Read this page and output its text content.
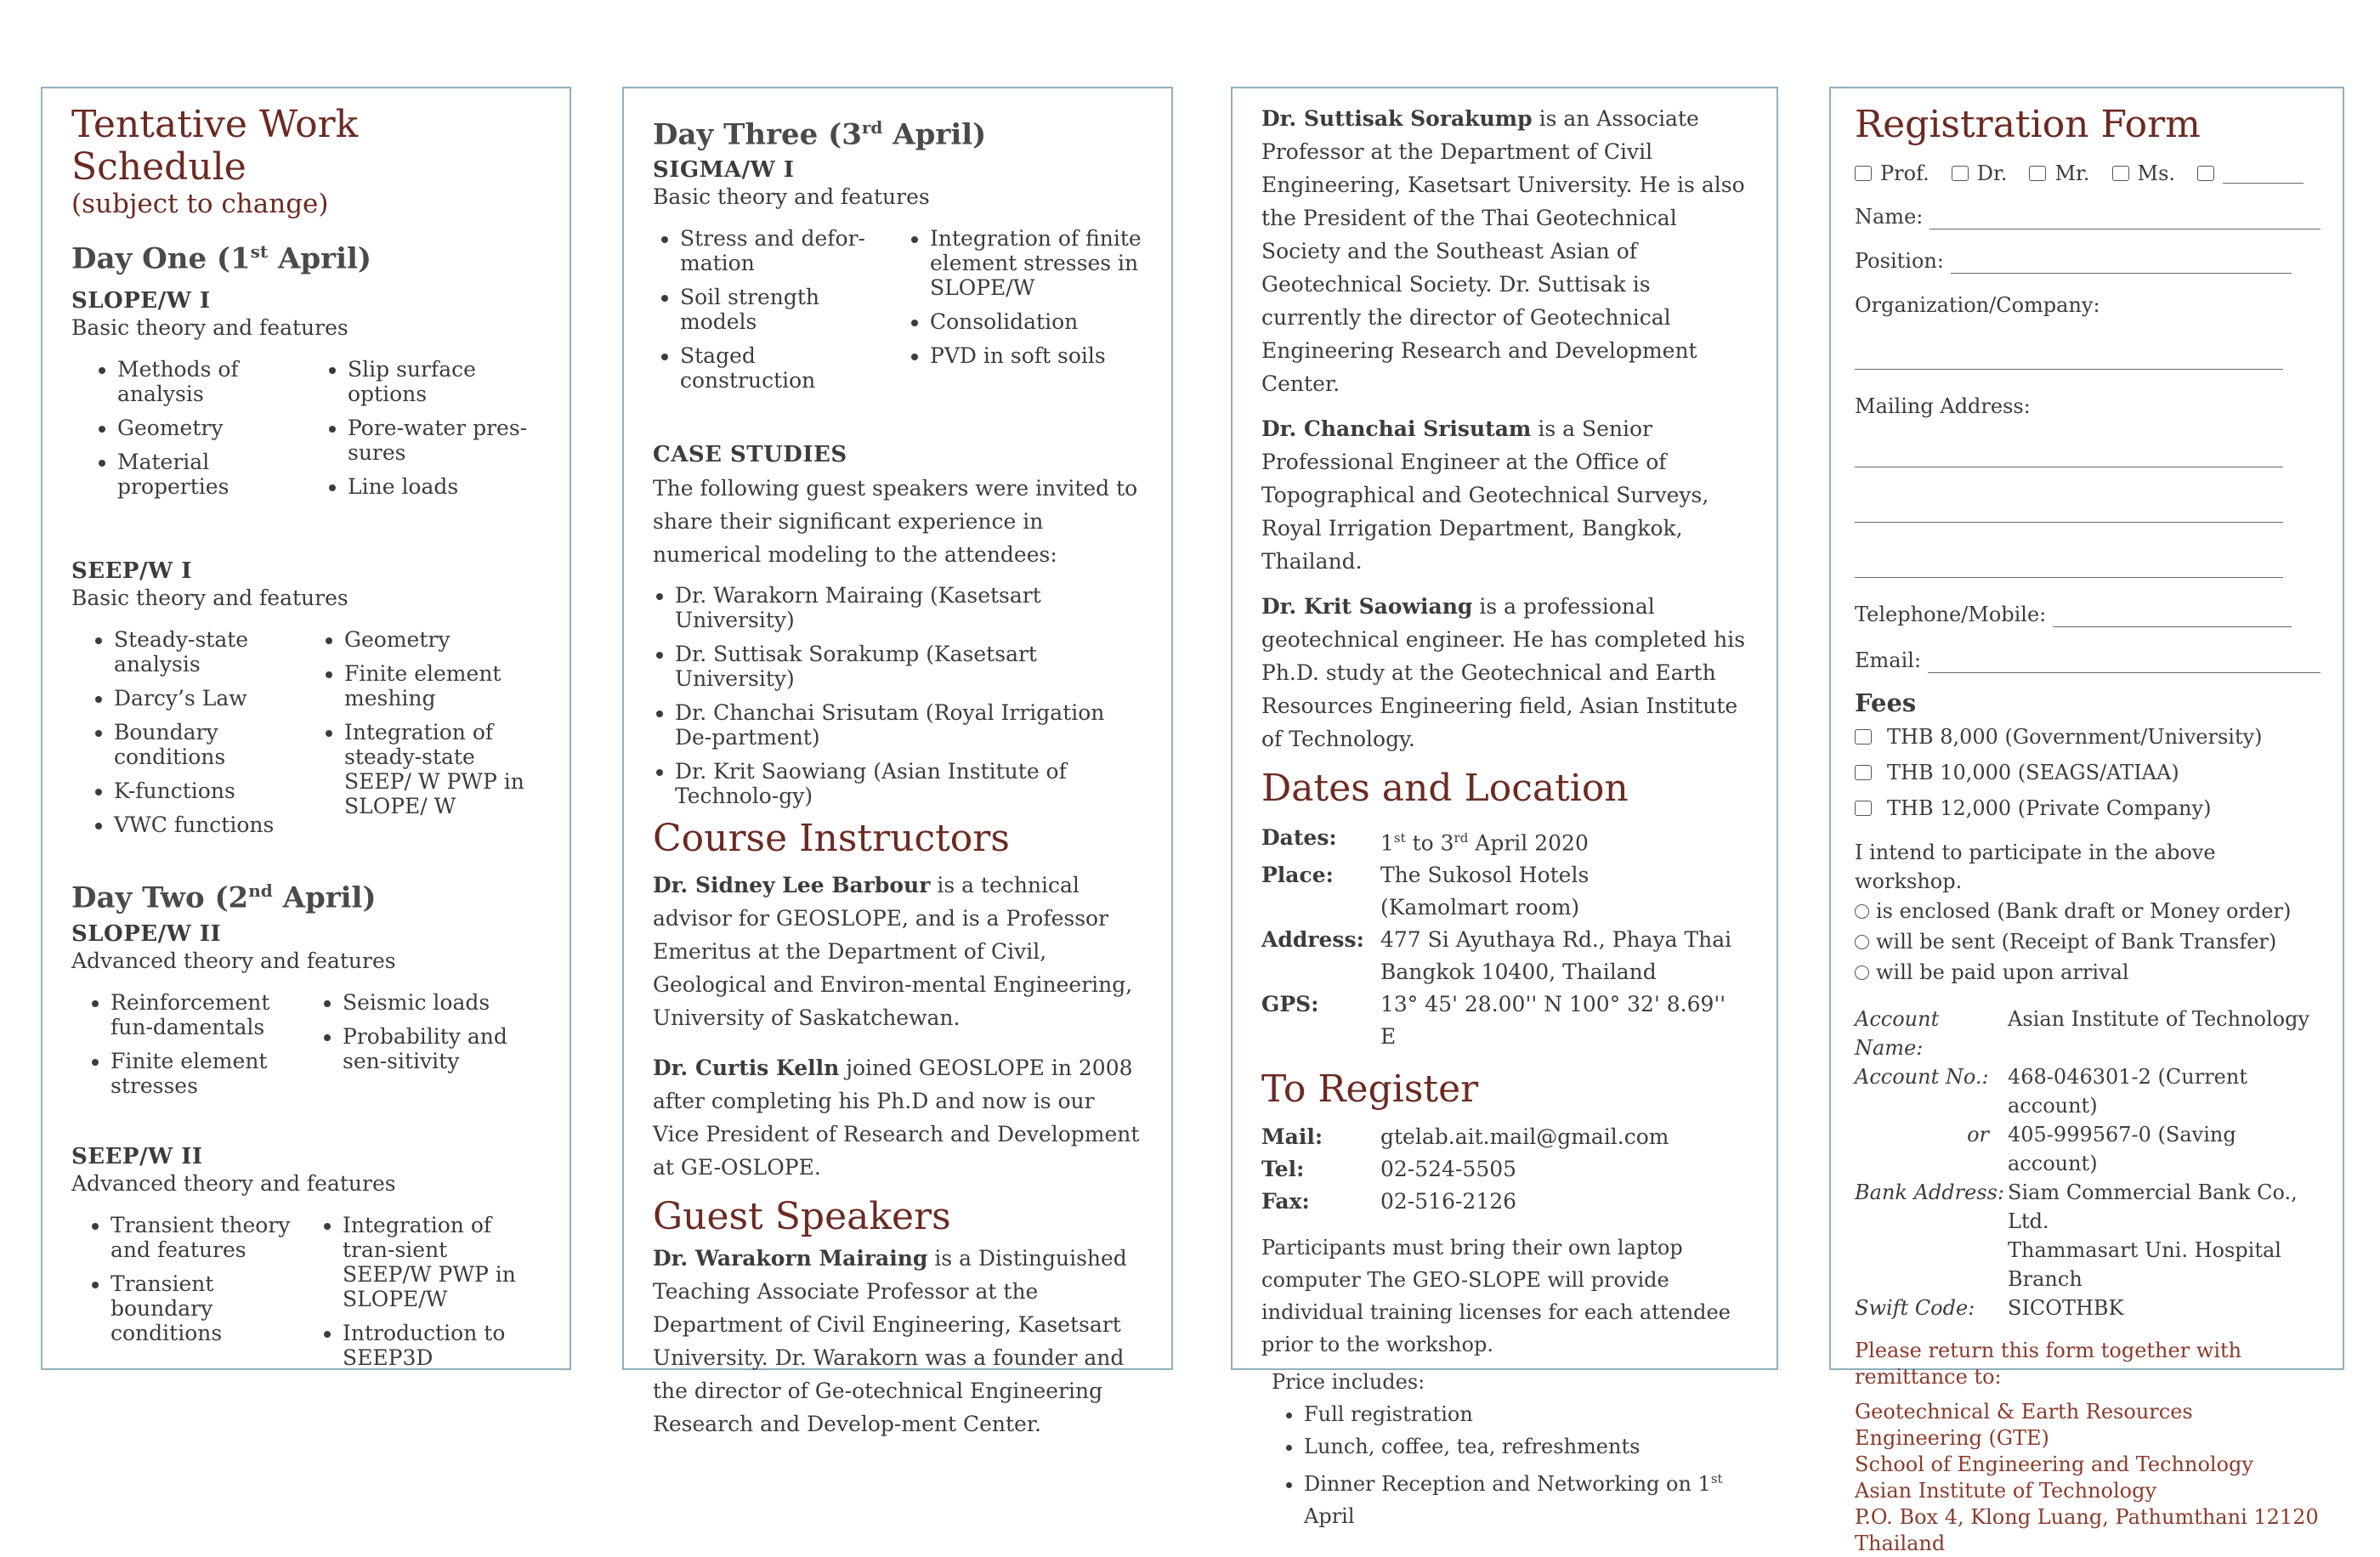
Tentative Work Schedule
(subject to change)
Day One (1st April)
SLOPE/W I
Basic theory and features
• Methods of analysis
• Geometry
• Material properties
• Slip surface options
• Pore-water pres-sures
• Line loads
SEEP/W I
Basic theory and features
• Steady-state analysis
• Darcy’s Law
• Boundary conditions
• K-functions
• VWC functions
• Geometry
• Finite element meshing
• Integration of steady-state SEEP/ W PWP in SLOPE/ W
Day Two (2nd April)
SLOPE/W II
Advanced theory and features
• Reinforcement fun-damentals
• Finite element stresses
• Seismic loads
• Probability and sen-sitivity
SEEP/W II
Advanced theory and features
• Transient theory and features
• Transient boundary conditions
• Integration of tran-sient SEEP/W PWP in SLOPE/W
• Introduction to SEEP3D
Day Three (3rd April)
SIGMA/W I
Basic theory and features
• Stress and defor-mation
• Soil strength models
• Staged construction
• Integration of finite element stresses in SLOPE/W
• Consolidation
• PVD in soft soils
CASE STUDIES
The following guest speakers were invited to share their significant experience in numerical modeling to the attendees:
• Dr. Warakorn Mairaing (Kasetsart University)
• Dr. Suttisak Sorakump (Kasetsart University)
• Dr. Chanchai Srisutam (Royal Irrigation De-partment)
• Dr. Krit Saowiang (Asian Institute of Technolo-gy)
Course Instructors
Dr. Sidney Lee Barbour is a technical advisor for GEOSLOPE, and is a Professor Emeritus at the Department of Civil, Geological and Environ-mental Engineering, University of Saskatchewan.
Dr. Curtis Kelln joined GEOSLOPE in 2008 after completing his Ph.D and now is our Vice President of Research and Development at GE-OSLOPE.
Guest Speakers
Dr. Warakorn Mairaing is a Distinguished Teaching Associate Professor at the Department of Civil Engineering, Kasetsart University. Dr. Warakorn was a founder and the director of Ge-otechnical Engineering Research and Develop-ment Center.
Dr. Suttisak Sorakump is an Associate Professor at the Department of Civil Engineering, Kasetsart University. He is also the President of the Thai Geotechnical Society and the Southeast Asian of Geotechnical Society. Dr. Suttisak is currently the director of Geotechnical Engineering Research and Development Center.
Dr. Chanchai Srisutam is a Senior Professional Engineer at the Office of Topographical and Geotechnical Surveys, Royal Irrigation Department, Bangkok, Thailand.
Dr. Krit Saowiang is a professional geotechnical engineer. He has completed his Ph.D. study at the Geotechnical and Earth Resources Engineering field, Asian Institute of Technology.
Dates and Location
Dates:	1st to 3rd April 2020
Place:	The Sukosol Hotels
(Kamolmart room)
Address: 477 Si Ayuthaya Rd., Phaya Thai
Bangkok 10400, Thailand
GPS:	13° 45' 28.00'' N 100° 32' 8.69'' E
To Register
Mail:	gtelab.ait.mail@gmail.com
Tel:	02-524-5505
Fax:	02-516-2126
Participants must bring their own laptop computer The GEO-SLOPE will provide individual training licenses for each attendee prior to the workshop.
Price includes:
• Full registration
• Lunch, coffee, tea, refreshments
• Dinner Reception and Networking on 1st April
Registration Form
Prof. Dr. Mr. Ms.
Name:
Position:
Organization/Company:
Mailing Address:
Telephone/Mobile:
Email:
Fees
THB 8,000 (Government/University)
THB 10,000 (SEAGS/ATIAA)
THB 12,000 (Private Company)
I intend to participate in the above workshop.
is enclosed (Bank draft or Money order)
will be sent (Receipt of Bank Transfer)
will be paid upon arrival
Account Name:
Asian Institute of Technology
Account No.: 468-046301-2 (Current account)
or 405-999567-0 (Saving account)
Bank Address: Siam Commercial Bank Co., Ltd.
Thammasart Uni. Hospital Branch
Swift Code:	SICOTHBK
Please return this form together with remittance to:
Geotechnical & Earth Resources Engineering (GTE)
School of Engineering and Technology
Asian Institute of Technology
P.O. Box 4, Klong Luang, Pathumthani 12120
Thailand
